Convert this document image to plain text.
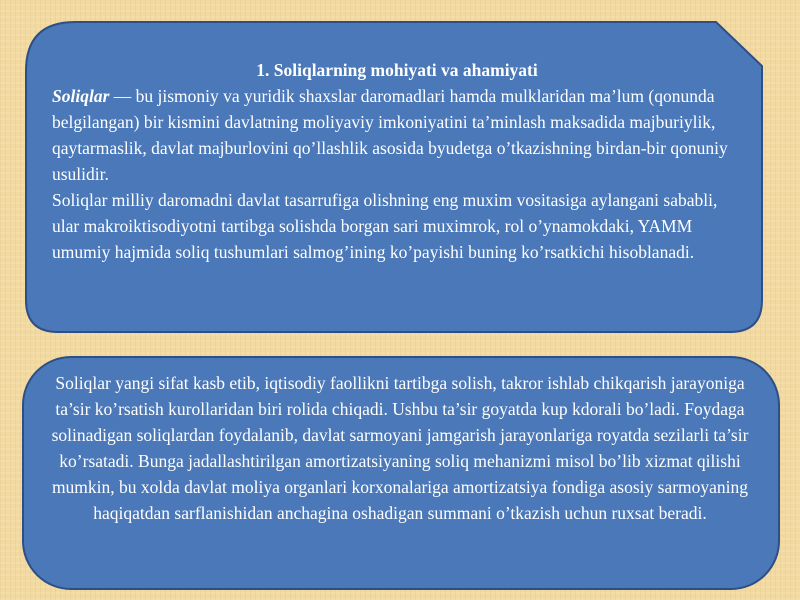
1. Soliqlarning mohiyati va ahamiyati

Soliqlar — bu jismoniy va yuridik shaxslar daromadlari hamda mulklaridan ma’lum (qonunda belgilangan) bir kismini davlatning moliyaviy imkoniyatini ta’minlash maksadida majburiylik, qaytarmaslik, davlat majburlovini qo’llashlik asosida byudetga o’tkazishning birdan-bir qonuniy usulidir.

Soliqlar milliy daromadni davlat tasarrufiga olishning eng muxim vositasiga aylangani sababli, ular makroiktisodiyotni tartibga solishda borgan sari muximrok, rol o’ynamokdaki, YAMM umumiy hajmida soliq tushumlari salmog’ining ko’payishi buning ko’rsatkichi hisoblanadi.

Soliqlar yangi sifat kasb etib, iqtisodiy faollikni tartibga solish, takror ishlab chikqarish jarayoniga ta’sir ko’rsatish kurollaridan biri rolida chiqadi. Ushbu ta’sir goyatda kup kdorali bo’ladi. Foydaga solinadigan soliqlardan foydalanib, davlat sarmoyani jamgarish jarayonlariga royatda sezilarli ta’sir ko’rsatadi. Bunga jadallashtirilgan amortizatsiyaning soliq mehanizmi misol bo’lib xizmat qilishi mumkin, bu xolda davlat moliya organlari korxonalariga amortizatsiya fondiga asosiy sarmoyaning haqiqatdan sarflanishidan anchagina oshadigan summani o’tkazish uchun ruxsat beradi.
